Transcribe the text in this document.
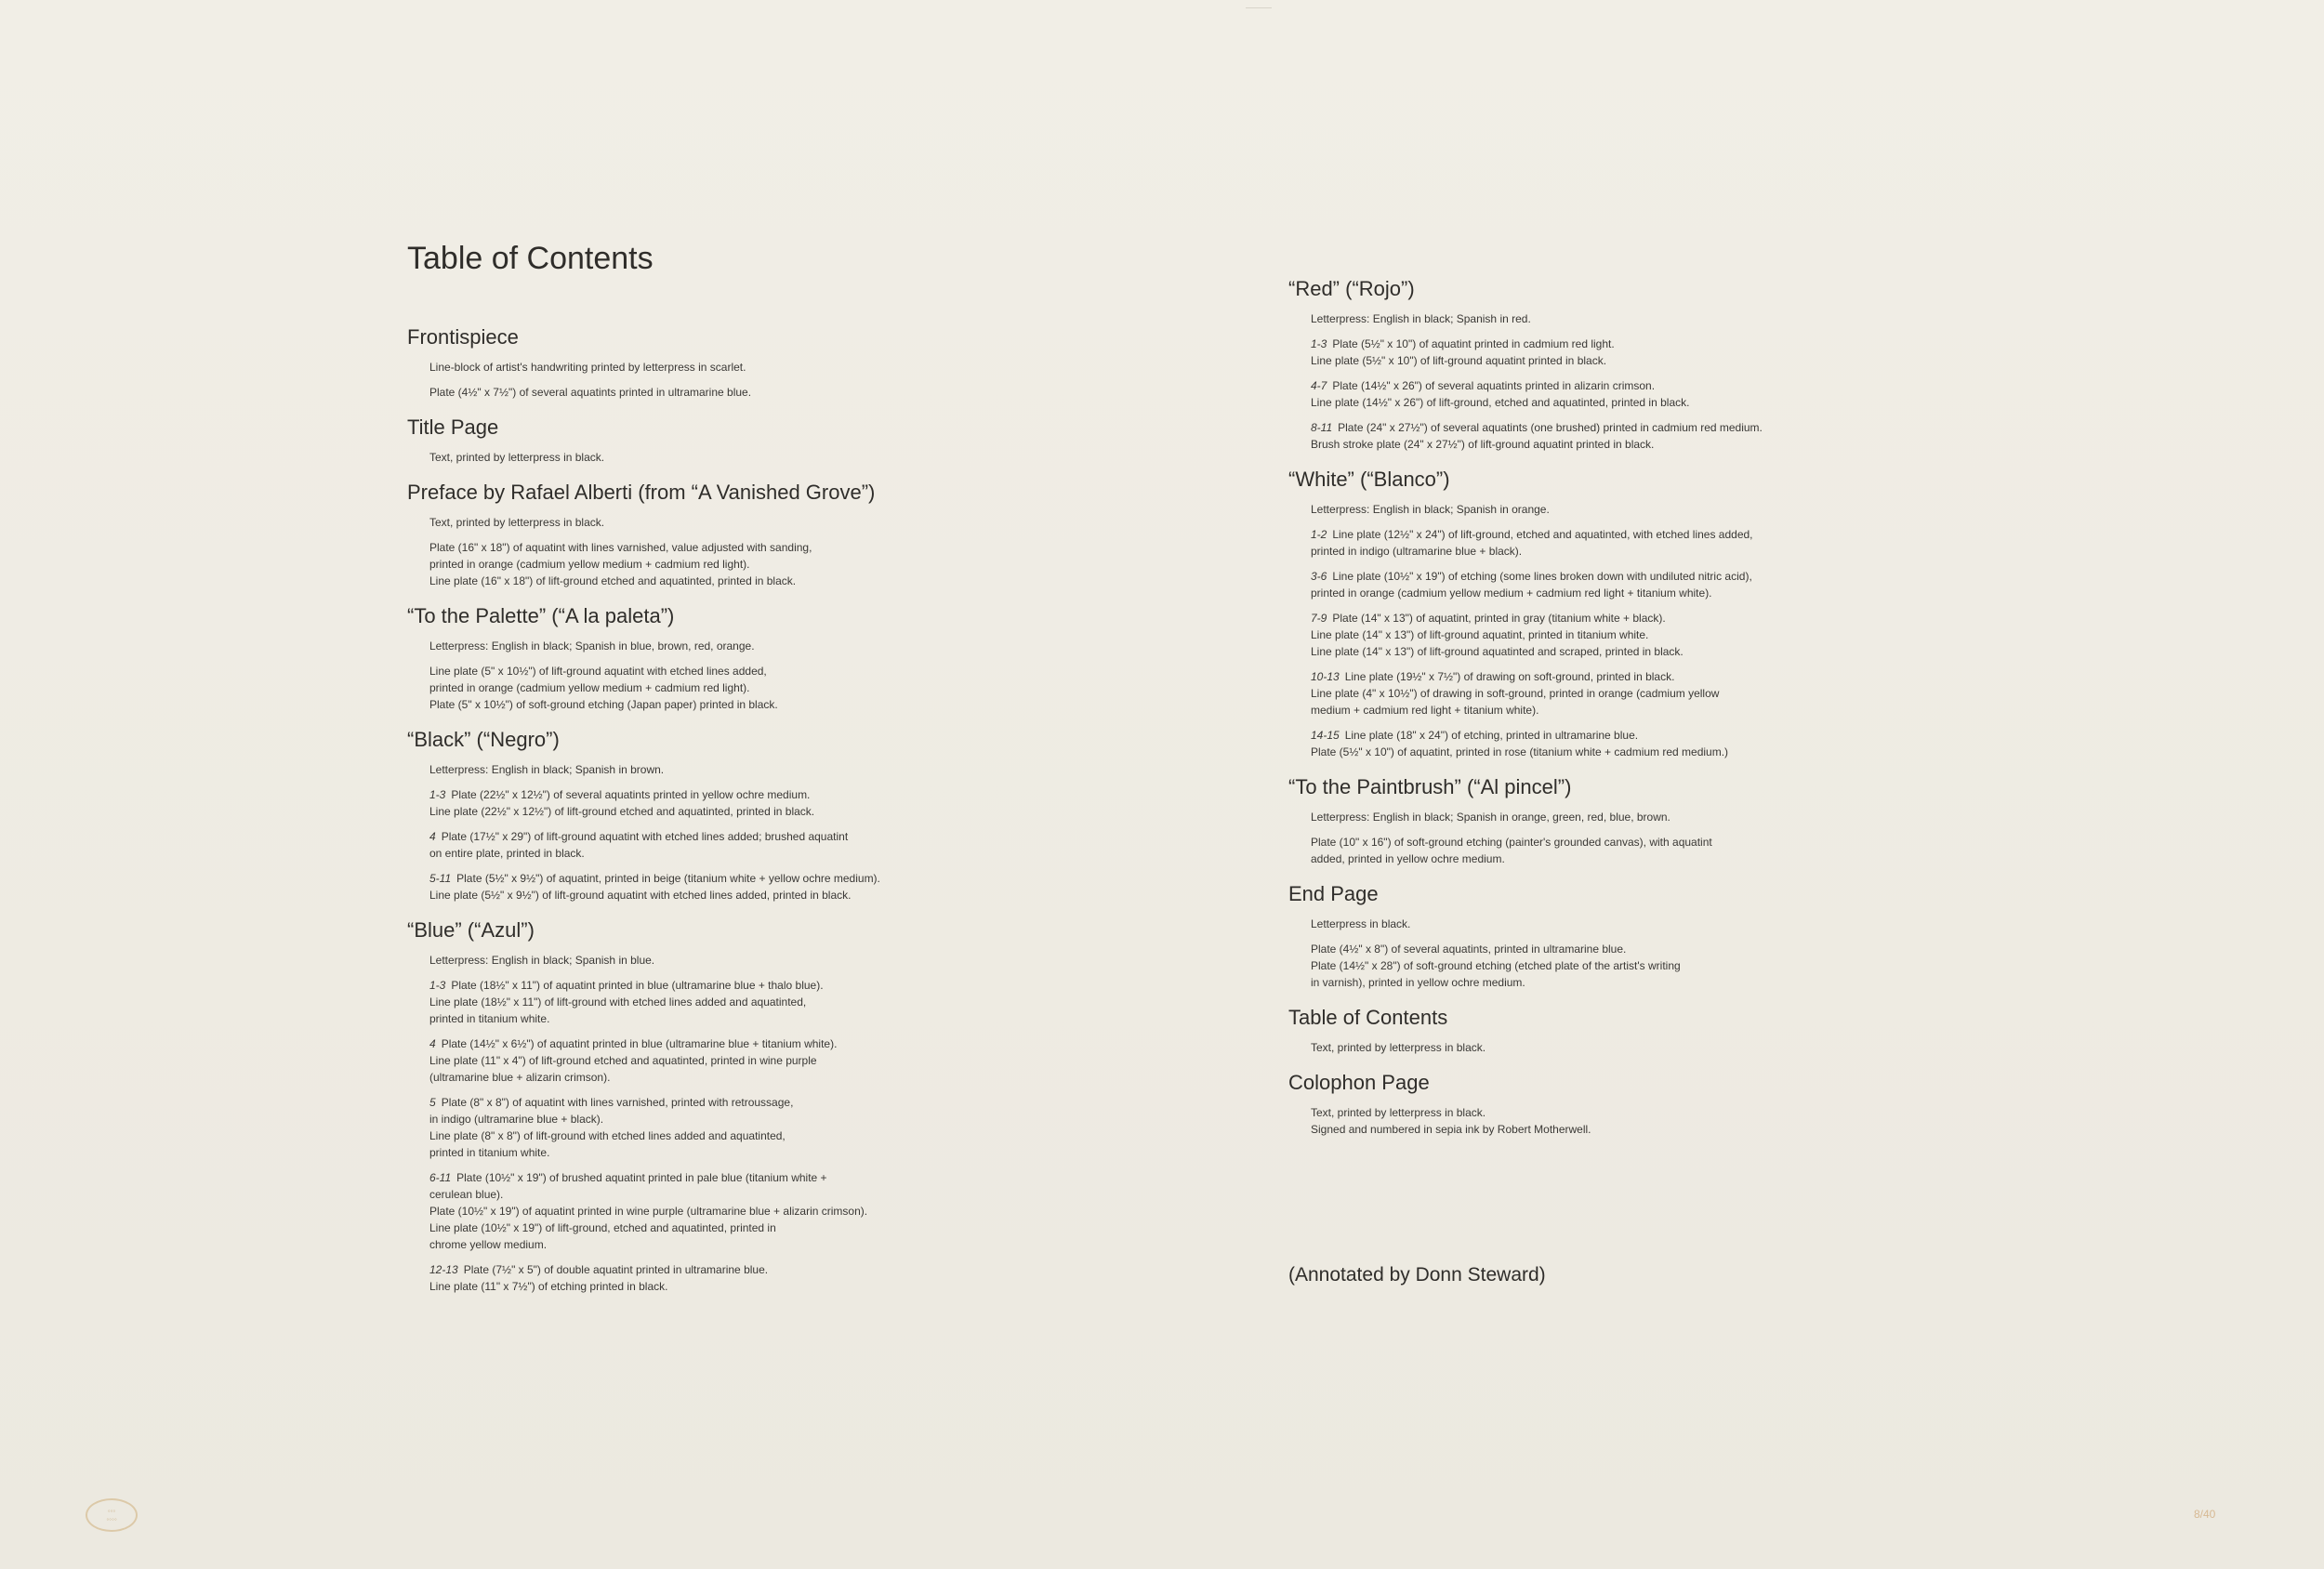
Table of Contents
Frontispiece
Line-block of artist's handwriting printed by letterpress in scarlet.
Plate (4½" x 7½") of several aquatints printed in ultramarine blue.
Title Page
Text, printed by letterpress in black.
Preface by Rafael Alberti (from “A Vanished Grove”)
Text, printed by letterpress in black.
Plate (16" x 18") of aquatint with lines varnished, value adjusted with sanding,
printed in orange (cadmium yellow medium + cadmium red light).
Line plate (16" x 18") of lift-ground etched and aquatinted, printed in black.
“To the Palette” (“A la paleta”)
Letterpress: English in black; Spanish in blue, brown, red, orange.
Line plate (5" x 10½") of lift-ground aquatint with etched lines added,
printed in orange (cadmium yellow medium + cadmium red light).
Plate (5" x 10½") of soft-ground etching (Japan paper) printed in black.
“Black” (“Negro”)
Letterpress: English in black; Spanish in brown.
1-3 Plate (22½" x 12½") of several aquatints printed in yellow ochre medium.
Line plate (22½" x 12½") of lift-ground etched and aquatinted, printed in black.
4 Plate (17½" x 29") of lift-ground aquatint with etched lines added; brushed aquatint
on entire plate, printed in black.
5-11 Plate (5½" x 9½") of aquatint, printed in beige (titanium white + yellow ochre medium).
Line plate (5½" x 9½") of lift-ground aquatint with etched lines added, printed in black.
“Blue” (“Azul”)
Letterpress: English in black; Spanish in blue.
1-3 Plate (18½" x 11") of aquatint printed in blue (ultramarine blue + thalo blue).
Line plate (18½" x 11") of lift-ground with etched lines added and aquatinted,
printed in titanium white.
4 Plate (14½" x 6½") of aquatint printed in blue (ultramarine blue + titanium white).
Line plate (11" x 4") of lift-ground etched and aquatinted, printed in wine purple
(ultramarine blue + alizarin crimson).
5 Plate (8" x 8") of aquatint with lines varnished, printed with retroussage,
in indigo (ultramarine blue + black).
Line plate (8" x 8") of lift-ground with etched lines added and aquatinted,
printed in titanium white.
6-11 Plate (10½" x 19") of brushed aquatint printed in pale blue (titanium white +
cerulean blue).
Plate (10½" x 19") of aquatint printed in wine purple (ultramarine blue + alizarin crimson).
Line plate (10½" x 19") of lift-ground, etched and aquatinted, printed in
chrome yellow medium.
12-13 Plate (7½" x 5") of double aquatint printed in ultramarine blue.
Line plate (11" x 7½") of etching printed in black.
“Red” (“Rojo”)
Letterpress: English in black; Spanish in red.
1-3 Plate (5½" x 10") of aquatint printed in cadmium red light.
Line plate (5½" x 10") of lift-ground aquatint printed in black.
4-7 Plate (14½" x 26") of several aquatints printed in alizarin crimson.
Line plate (14½" x 26") of lift-ground, etched and aquatinted, printed in black.
8-11 Plate (24" x 27½") of several aquatints (one brushed) printed in cadmium red medium.
Brush stroke plate (24" x 27½") of lift-ground aquatint printed in black.
“White” (“Blanco”)
Letterpress: English in black; Spanish in orange.
1-2 Line plate (12½" x 24") of lift-ground, etched and aquatinted, with etched lines added,
printed in indigo (ultramarine blue + black).
3-6 Line plate (10½" x 19") of etching (some lines broken down with undiluted nitric acid),
printed in orange (cadmium yellow medium + cadmium red light + titanium white).
7-9 Plate (14" x 13") of aquatint, printed in gray (titanium white + black).
Line plate (14" x 13") of lift-ground aquatint, printed in titanium white.
Line plate (14" x 13") of lift-ground aquatinted and scraped, printed in black.
10-13 Line plate (19½" x 7½") of drawing on soft-ground, printed in black.
Line plate (4" x 10½") of drawing in soft-ground, printed in orange (cadmium yellow
medium + cadmium red light + titanium white).
14-15 Line plate (18" x 24") of etching, printed in ultramarine blue.
Plate (5½" x 10") of aquatint, printed in rose (titanium white + cadmium red medium.)
“To the Paintbrush” (“Al pincel”)
Letterpress: English in black; Spanish in orange, green, red, blue, brown.
Plate (10" x 16") of soft-ground etching (painter's grounded canvas), with aquatint
added, printed in yellow ochre medium.
End Page
Letterpress in black.
Plate (4½" x 8") of several aquatints, printed in ultramarine blue.
Plate (14½" x 28") of soft-ground etching (etched plate of the artist's writing
in varnish), printed in yellow ochre medium.
Table of Contents
Text, printed by letterpress in black.
Colophon Page
Text, printed by letterpress in black.
Signed and numbered in sepia ink by Robert Motherwell.
(Annotated by Donn Steward)
◦◦◦
◦◦◦◦	8/40
